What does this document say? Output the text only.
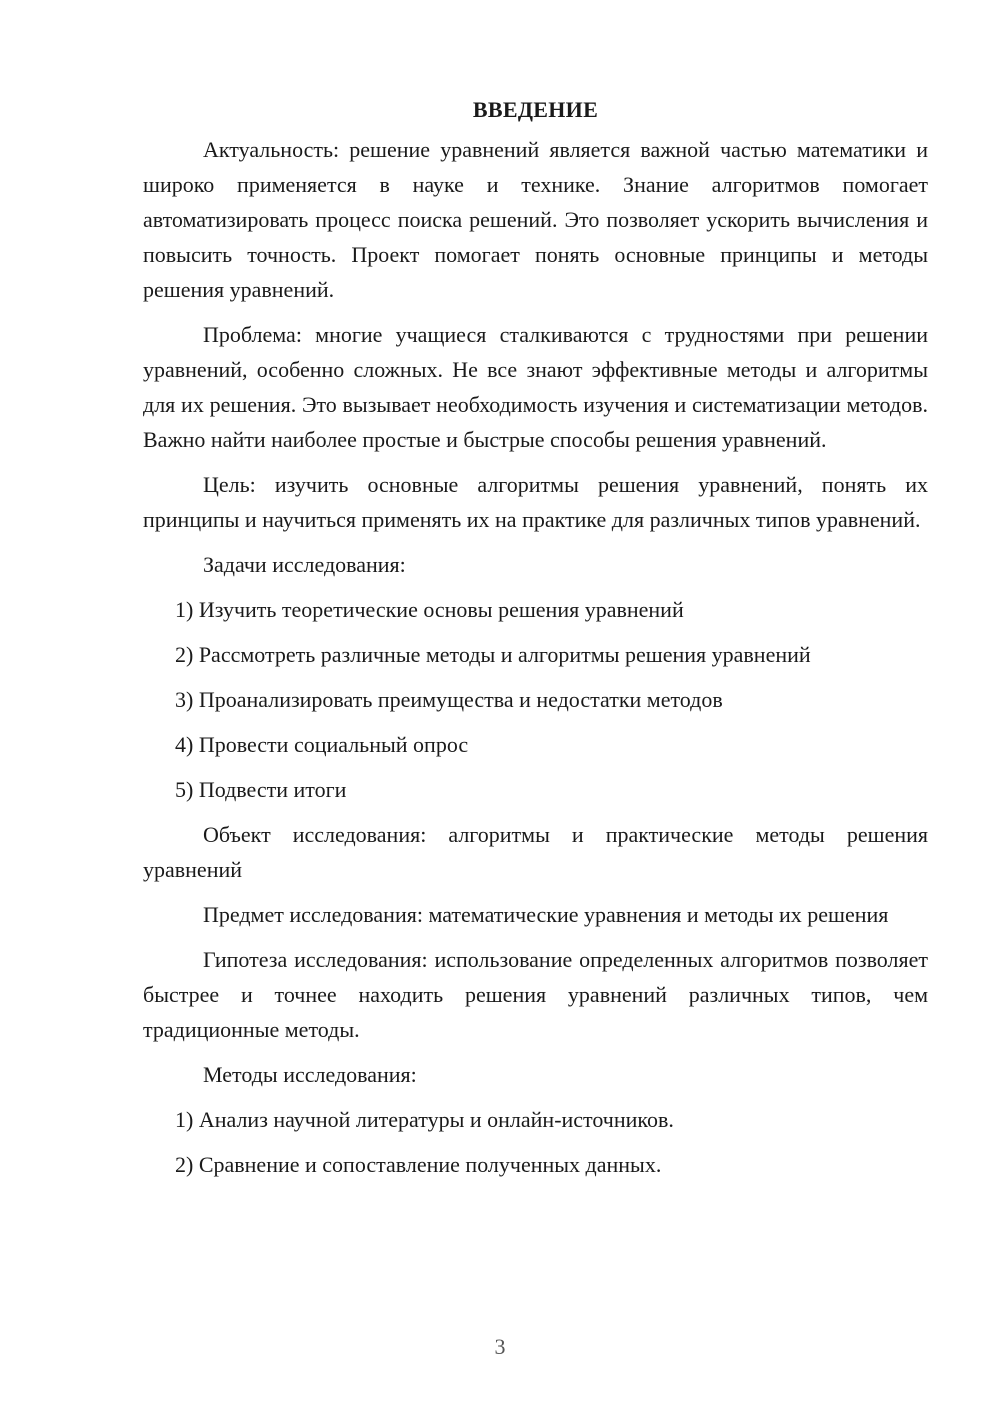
ВВЕДЕНИЕ

Актуальность: решение уравнений является важной частью математики и широко применяется в науке и технике. Знание алгоритмов помогает автоматизировать процесс поиска решений. Это позволяет ускорить вычисления и повысить точность. Проект помогает понять основные принципы и методы решения уравнений.

Проблема: многие учащиеся сталкиваются с трудностями при решении уравнений, особенно сложных. Не все знают эффективные методы и алгоритмы для их решения. Это вызывает необходимость изучения и систематизации методов. Важно найти наиболее простые и быстрые способы решения уравнений.

Цель: изучить основные алгоритмы решения уравнений, понять их принципы и научиться применять их на практике для различных типов уравнений.

Задачи исследования:

1) Изучить теоретические основы решения уравнений

2) Рассмотреть различные методы и алгоритмы решения уравнений

3) Проанализировать преимущества и недостатки методов

4) Провести социальный опрос

5) Подвести итоги

Объект исследования: алгоритмы и практические методы решения уравнений

Предмет исследования: математические уравнения и методы их решения

Гипотеза исследования: использование определенных алгоритмов позволяет быстрее и точнее находить решения уравнений различных типов, чем традиционные методы.

Методы исследования:

1) Анализ научной литературы и онлайн-источников.

2) Сравнение и сопоставление полученных данных.

3
